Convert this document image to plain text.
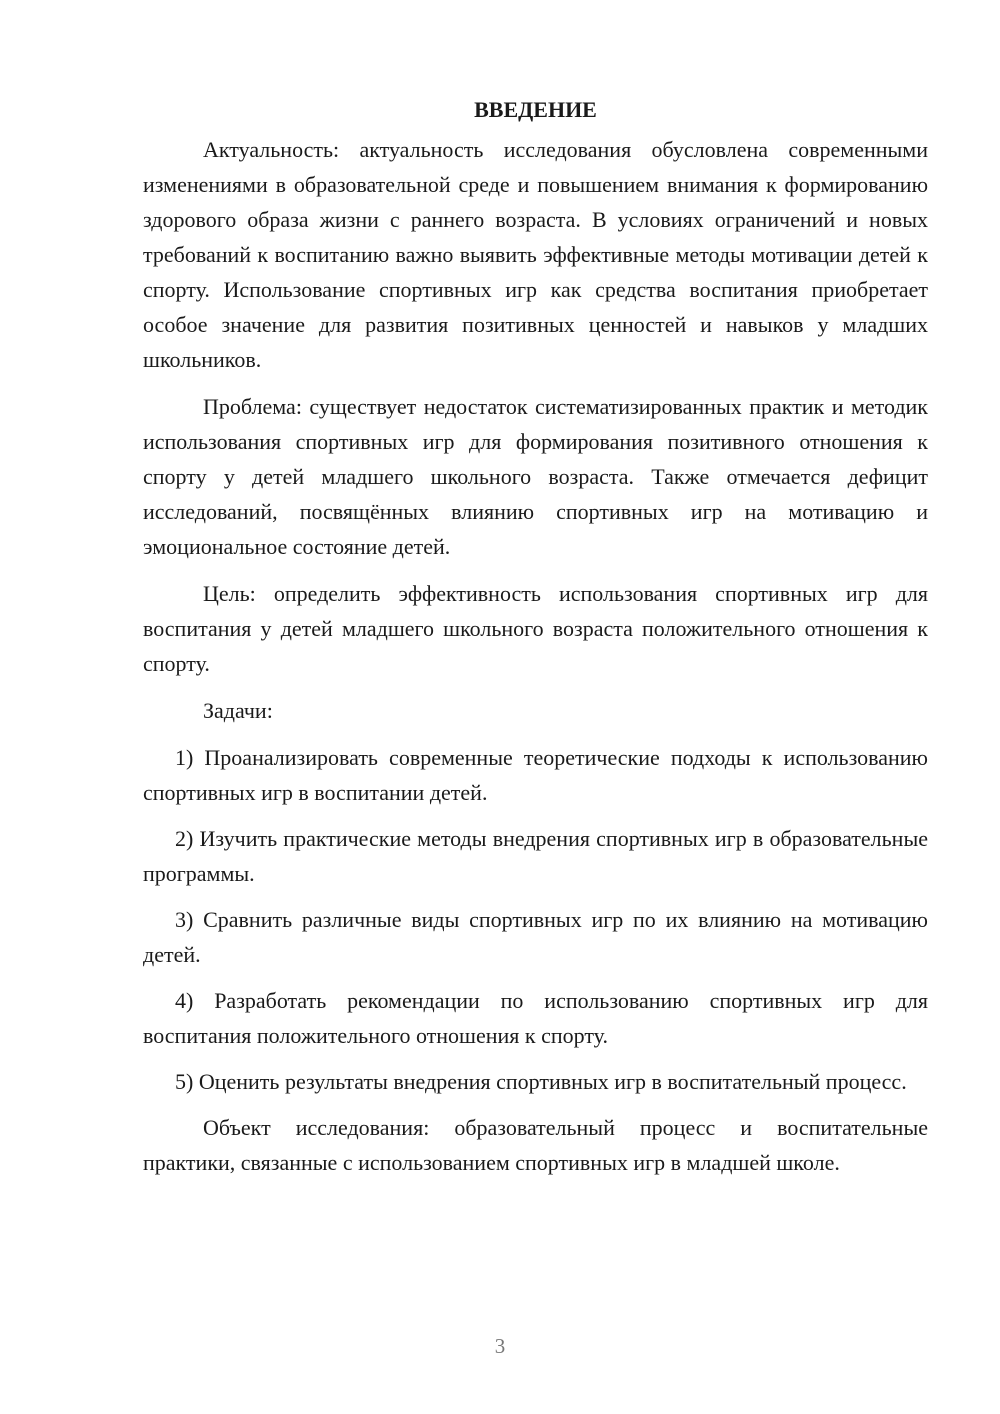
ВВЕДЕНИЕ

Актуальность: актуальность исследования обусловлена современными изменениями в образовательной среде и повышением внимания к формированию здорового образа жизни с раннего возраста. В условиях ограничений и новых требований к воспитанию важно выявить эффективные методы мотивации детей к спорту. Использование спортивных игр как средства воспитания приобретает особое значение для развития позитивных ценностей и навыков у младших школьников.

Проблема: существует недостаток систематизированных практик и методик использования спортивных игр для формирования позитивного отношения к спорту у детей младшего школьного возраста. Также отмечается дефицит исследований, посвящённых влиянию спортивных игр на мотивацию и эмоциональное состояние детей.

Цель: определить эффективность использования спортивных игр для воспитания у детей младшего школьного возраста положительного отношения к спорту.

Задачи:

1) Проанализировать современные теоретические подходы к использованию спортивных игр в воспитании детей.

2) Изучить практические методы внедрения спортивных игр в образовательные программы.

3) Сравнить различные виды спортивных игр по их влиянию на мотивацию детей.

4) Разработать рекомендации по использованию спортивных игр для воспитания положительного отношения к спорту.

5) Оценить результаты внедрения спортивных игр в воспитательный процесс.

Объект исследования: образовательный процесс и воспитательные практики, связанные с использованием спортивных игр в младшей школе.

3
